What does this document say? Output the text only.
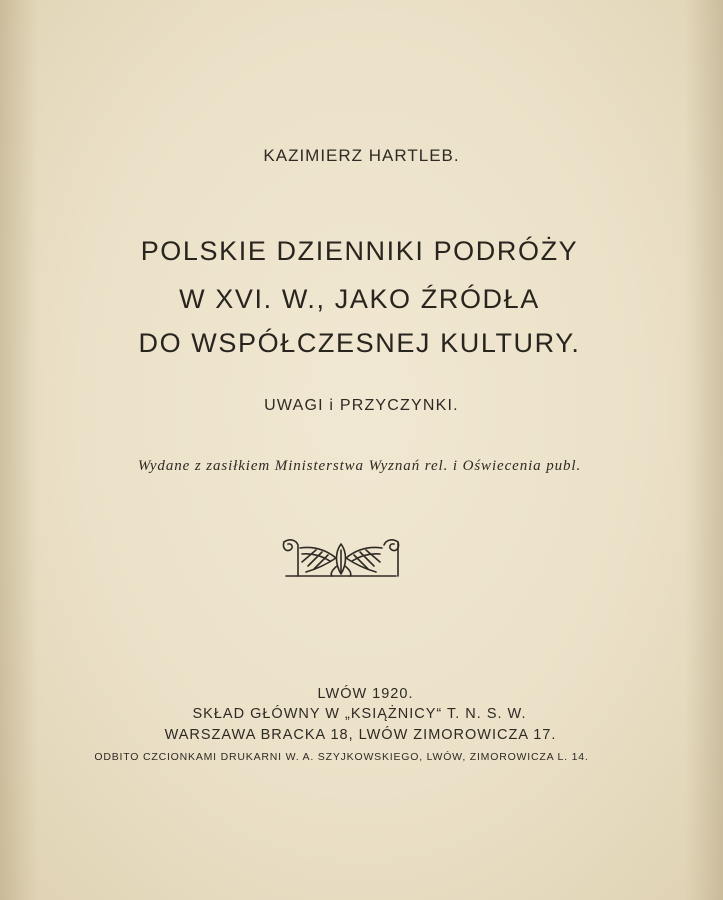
KAZIMIERZ HARTLEB.
POLSKIE DZIENNIKI PODRÓŻY
W XVI. W., JAKO ŹRÓDŁA
DO WSPÓŁCZESNEJ KULTURY.
UWAGI i PRZYCZYNKI.
Wydane z zasiłkiem Ministerstwa Wyznań rel. i Oświecenia publ.
LWÓW 1920.
SKŁAD GŁÓWNY W „KSIĄŻNICY“ T. N. S. W.
WARSZAWA BRACKA 18, LWÓW ZIMOROWICZA 17.
ODBITO CZCIONKAMI DRUKARNI W. A. SZYJKOWSKIEGO, LWÓW, ZIMOROWICZA L. 14.
